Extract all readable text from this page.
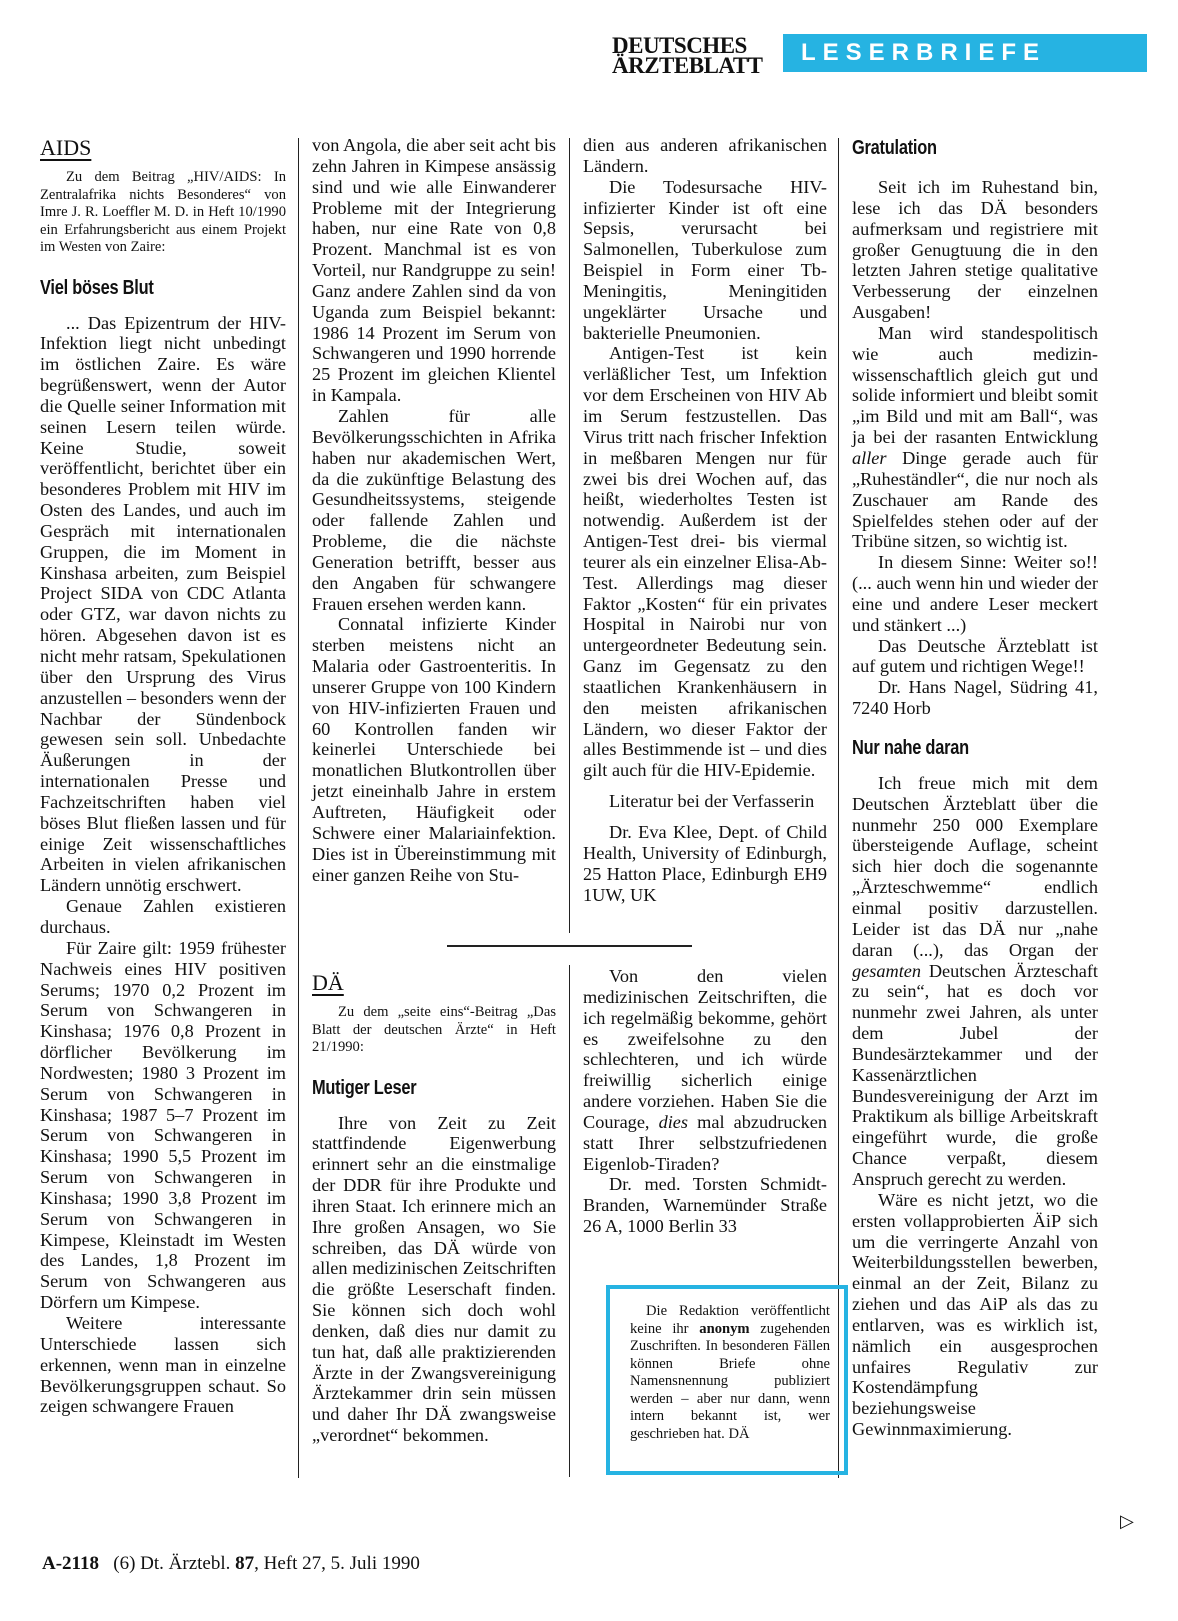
DEUTSCHES
ÄRZTEBLATT	LESERBRIEFE
AIDS
Zu dem Beitrag „HIV/AIDS: In Zentralafrika nichts Besonderes“ von Imre J. R. Loeffler M. D. in Heft 10/1990 ein Erfahrungsbericht aus einem Projekt im Westen von Zaire:
Viel böses Blut

... Das Epizentrum der HIV-Infektion liegt nicht unbedingt im östlichen Zaire. Es wäre begrüßenswert, wenn der Autor die Quelle seiner Information mit seinen Lesern teilen würde. Keine Studie, soweit veröffentlicht, berichtet über ein besonderes Problem mit HIV im Osten des Landes, und auch im Gespräch mit internationalen Gruppen, die im Moment in Kinshasa arbeiten, zum Beispiel Project SIDA von CDC Atlanta oder GTZ, war davon nichts zu hören. Abgesehen davon ist es nicht mehr ratsam, Spekulationen über den Ursprung des Virus anzustellen – besonders wenn der Nachbar der Sündenbock gewesen sein soll. Unbedachte Äußerungen in der internationalen Presse und Fachzeitschriften haben viel böses Blut fließen lassen und für einige Zeit wissenschaftliches Arbeiten in vielen afrikanischen Ländern unnötig erschwert.

Genaue Zahlen existieren durchaus.

Für Zaire gilt: 1959 frühester Nachweis eines HIV positiven Serums; 1970 0,2 Prozent im Serum von Schwangeren in Kinshasa; 1976 0,8 Prozent in dörflicher Bevölkerung im Nordwesten; 1980 3 Prozent im Serum von Schwangeren in Kinshasa; 1987 5–7 Prozent im Serum von Schwangeren in Kinshasa; 1990 5,5 Prozent im Serum von Schwangeren in Kinshasa; 1990 3,8 Prozent im Serum von Schwangeren in Kimpese, Kleinstadt im Westen des Landes, 1,8 Prozent im Serum von Schwangeren aus Dörfern um Kimpese.

Weitere interessante Unterschiede lassen sich erkennen, wenn man in einzelne Bevölkerungsgruppen schaut. So zeigen schwangere Frauen

von Angola, die aber seit acht bis zehn Jahren in Kimpese ansässig sind und wie alle Einwanderer Probleme mit der Integrierung haben, nur eine Rate von 0,8 Prozent. Manchmal ist es von Vorteil, nur Randgruppe zu sein! Ganz andere Zahlen sind da von Uganda zum Beispiel bekannt: 1986 14 Prozent im Serum von Schwangeren und 1990 horrende 25 Prozent im gleichen Klientel in Kampala.

Zahlen für alle Bevölkerungsschichten in Afrika haben nur akademischen Wert, da die zukünftige Belastung des Gesundheitssystems, steigende oder fallende Zahlen und Probleme, die die nächste Generation betrifft, besser aus den Angaben für schwangere Frauen ersehen werden kann.

Connatal infizierte Kinder sterben meistens nicht an Malaria oder Gastroenteritis. In unserer Gruppe von 100 Kindern von HIV-infizierten Frauen und 60 Kontrollen fanden wir keinerlei Unterschiede bei monatlichen Blutkontrollen über jetzt eineinhalb Jahre in erstem Auftreten, Häufigkeit oder Schwere einer Malariainfektion. Dies ist in Übereinstimmung mit einer ganzen Reihe von Stu-

dien aus anderen afrikanischen Ländern.

Die Todesursache HIV-infizierter Kinder ist oft eine Sepsis, verursacht bei Salmonellen, Tuberkulose zum Beispiel in Form einer Tb-Meningitis, Meningitiden ungeklärter Ursache und bakterielle Pneumonien.

Antigen-Test ist kein verläßlicher Test, um Infektion vor dem Erscheinen von HIV Ab im Serum festzustellen. Das Virus tritt nach frischer Infektion in meßbaren Mengen nur für zwei bis drei Wochen auf, das heißt, wiederholtes Testen ist notwendig. Außerdem ist der Antigen-Test drei- bis viermal teurer als ein einzelner Elisa-Ab-Test. Allerdings mag dieser Faktor „Kosten“ für ein privates Hospital in Nairobi nur von untergeordneter Bedeutung sein. Ganz im Gegensatz zu den staatlichen Krankenhäusern in den meisten afrikanischen Ländern, wo dieser Faktor der alles Bestimmende ist – und dies gilt auch für die HIV-Epidemie.

Literatur bei der Verfasserin

Dr. Eva Klee, Dept. of Child Health, University of Edinburgh, 25 Hatton Place, Edinburgh EH9 1UW, UK

DÄ
Zu dem „seite eins“-Beitrag „Das Blatt der deutschen Ärzte“ in Heft 21/1990:
Mutiger Leser

Ihre von Zeit zu Zeit stattfindende Eigenwerbung erinnert sehr an die einstmalige der DDR für ihre Produkte und ihren Staat. Ich erinnere mich an Ihre großen Ansagen, wo Sie schreiben, das DÄ würde von allen medizinischen Zeitschriften die größte Leserschaft finden. Sie können sich doch wohl denken, daß dies nur damit zu tun hat, daß alle praktizierenden Ärzte in der Zwangsvereinigung Ärztekammer drin sein müssen und daher Ihr DÄ zwangsweise „verordnet“ bekommen.

Von den vielen medizinischen Zeitschriften, die ich regelmäßig bekomme, gehört es zweifelsohne zu den schlechteren, und ich würde freiwillig sicherlich einige andere vorziehen. Haben Sie die Courage, dies mal abzudrucken statt Ihrer selbstzufriedenen Eigenlob-Tiraden?

Dr. med. Torsten Schmidt-Branden, Warnemünder Straße 26 A, 1000 Berlin 33

Die Redaktion veröffentlicht keine ihr anonym zugehenden Zuschriften. In besonderen Fällen können Briefe ohne Namensnennung publiziert werden – aber nur dann, wenn intern bekannt ist, wer geschrieben hat. DÄ

Gratulation

Seit ich im Ruhestand bin, lese ich das DÄ besonders aufmerksam und registriere mit großer Genugtuung die in den letzten Jahren stetige qualitative Verbesserung der einzelnen Ausgaben!

Man wird standespolitisch wie auch medizin-wissenschaftlich gleich gut und solide informiert und bleibt somit „im Bild und mit am Ball“, was ja bei der rasanten Entwicklung aller Dinge gerade auch für „Ruheständler“, die nur noch als Zuschauer am Rande des Spielfeldes stehen oder auf der Tribüne sitzen, so wichtig ist.

In diesem Sinne: Weiter so!! (... auch wenn hin und wieder der eine und andere Leser meckert und stänkert ...)

Das Deutsche Ärzteblatt ist auf gutem und richtigen Wege!!

Dr. Hans Nagel, Südring 41, 7240 Horb

Nur nahe daran

Ich freue mich mit dem Deutschen Ärzteblatt über die nunmehr 250 000 Exemplare übersteigende Auflage, scheint sich hier doch die sogenannte „Ärzteschwemme“ endlich einmal positiv darzustellen. Leider ist das DÄ nur „nahe daran (...), das Organ der gesamten Deutschen Ärzteschaft zu sein“, hat es doch vor nunmehr zwei Jahren, als unter dem Jubel der Bundesärztekammer und der Kassenärztlichen Bundesvereinigung der Arzt im Praktikum als billige Arbeitskraft eingeführt wurde, die große Chance verpaßt, diesem Anspruch gerecht zu werden.

Wäre es nicht jetzt, wo die ersten vollapprobierten ÄiP sich um die verringerte Anzahl von Weiterbildungsstellen bewerben, einmal an der Zeit, Bilanz zu ziehen und das AiP als das zu entlarven, was es wirklich ist, nämlich ein ausgesprochen unfaires Regulativ zur Kostendämpfung beziehungsweise Gewinnmaximierung.

▷
A-2118 (6) Dt. Ärztebl. 87, Heft 27, 5. Juli 1990
